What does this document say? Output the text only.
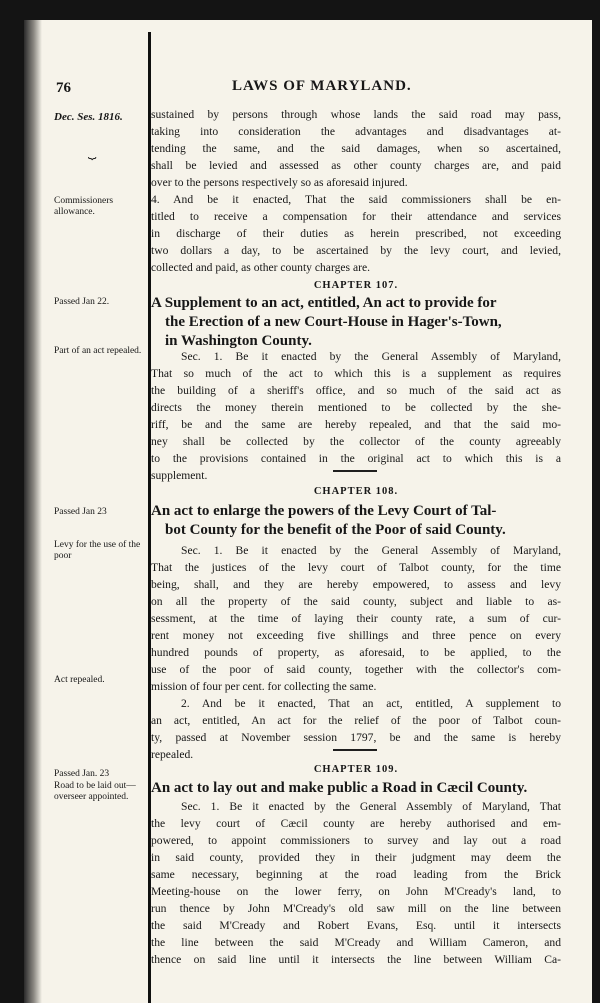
76	LAWS OF MARYLAND.
Dec. Ses. 1816.
⏟
Commissioners allowance.
Passed Jan 22.
Part of an act repealed.
Passed Jan 23
Levy for the use of the poor
Act repealed.
Passed Jan. 23
Road to be laid out—overseer appointed.
sustained by persons through whose lands the said road may pass,
taking into consideration the advantages and disadvantages at-
tending the same, and the said damages, when so ascertained,
shall be levied and assessed as other county charges are, and paid
over to the persons respectively so as aforesaid injured.
4. And be it enacted, That the said commissioners shall be en-
titled to receive a compensation for their attendance and services
in discharge of their duties as herein prescribed, not exceeding
two dollars a day, to be ascertained by the levy court, and levied,
collected and paid, as other county charges are.
CHAPTER 107.
A Supplement to an act, entitled, An act to provide for
the Erection of a new Court-House in Hager's-Town,
in Washington County.
Sec. 1. Be it enacted by the General Assembly of Maryland,
That so much of the act to which this is a supplement as requires
the building of a sheriff's office, and so much of the said act as
directs the money therein mentioned to be collected by the she-
riff, be and the same are hereby repealed, and that the said mo-
ney shall be collected by the collector of the county agreeably
to the provisions contained in the original act to which this is a
supplement.
CHAPTER 108.
An act to enlarge the powers of the Levy Court of Tal-
bot County for the benefit of the Poor of said County.
Sec. 1. Be it enacted by the General Assembly of Maryland,
That the justices of the levy court of Talbot county, for the time
being, shall, and they are hereby empowered, to assess and levy
on all the property of the said county, subject and liable to as-
sessment, at the time of laying their county rate, a sum of cur-
rent money not exceeding five shillings and three pence on every
hundred pounds of property, as aforesaid, to be applied, to the
use of the poor of said county, together with the collector's com-
mission of four per cent. for collecting the same.
2. And be it enacted, That an act, entitled, A supplement to
an act, entitled, An act for the relief of the poor of Talbot coun-
ty, passed at November session 1797, be and the same is hereby
repealed.
CHAPTER 109.
An act to lay out and make public a Road in Cæcil County.
Sec. 1. Be it enacted by the General Assembly of Maryland, That
the levy court of Cæcil county are hereby authorised and em-
powered, to appoint commissioners to survey and lay out a road
in said county, provided they in their judgment may deem the
same necessary, beginning at the road leading from the Brick
Meeting-house on the lower ferry, on John M'Cready's land, to
run thence by John M'Cready's old saw mill on the line between
the said M'Cready and Robert Evans, Esq. until it intersects
the line between the said M'Cready and William Cameron, and
thence on said line until it intersects the line between William Ca-
